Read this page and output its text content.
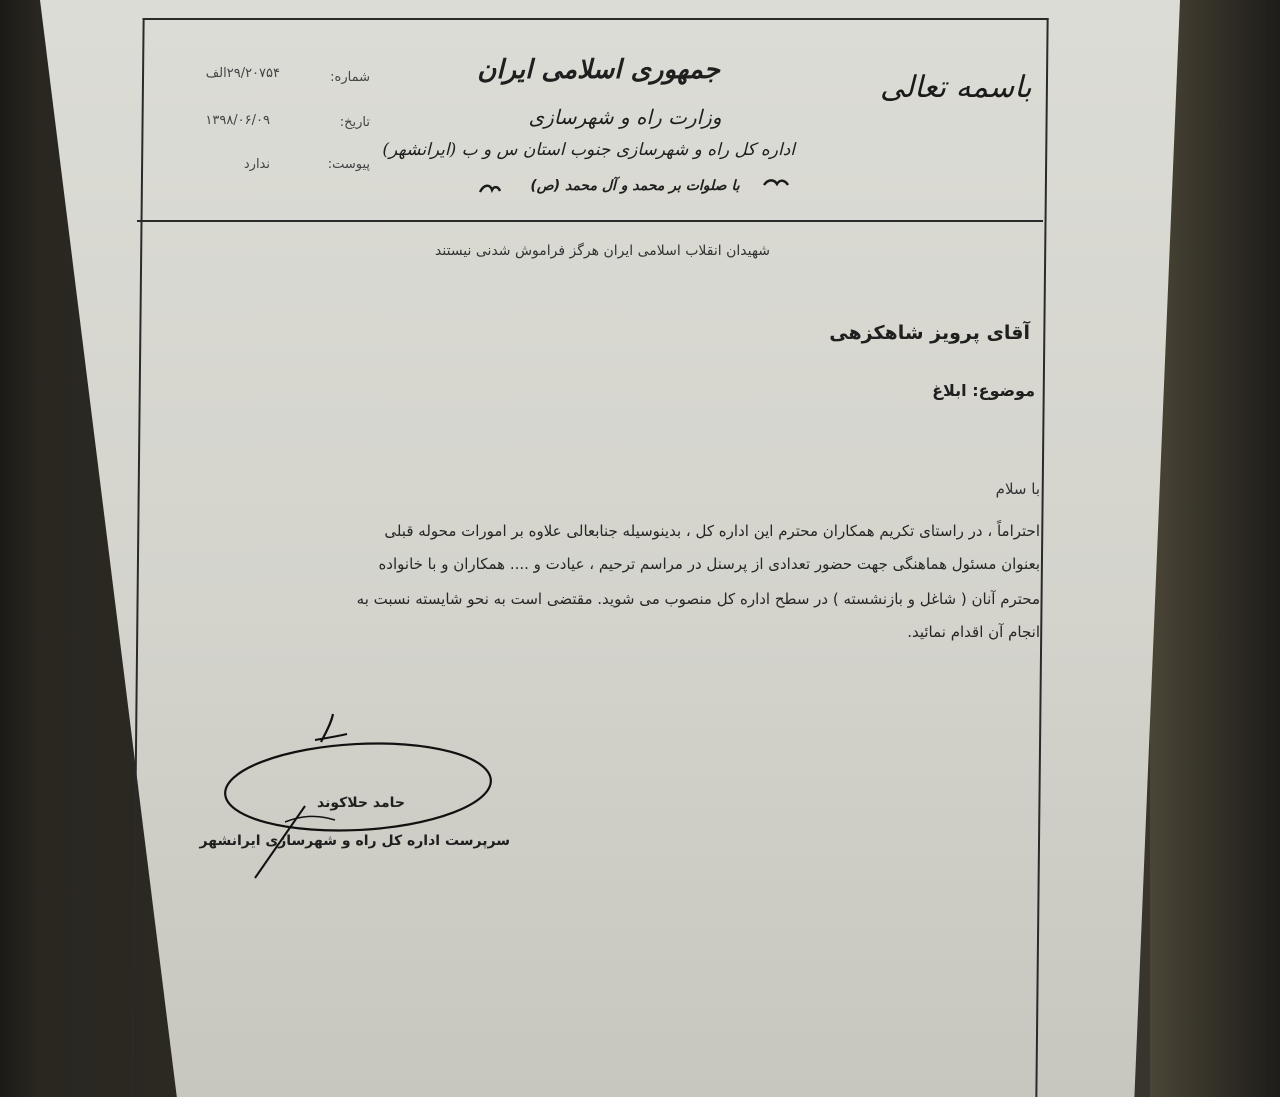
باسمه تعالی
جمهوری اسلامی ایران
وزارت راه و شهرسازی
اداره کل راه و شهرسازی جنوب استان س و ب (ایرانشهر)
با صلوات بر محمد و آل محمد (ص)
شماره:
تاریخ:
پیوست:
۲۹/۲۰۷۵۴الف
۱۳۹۸/۰۶/۰۹
ندارد
شهیدان انقلاب اسلامی ایران هرگز فراموش شدنی نیستند
آقای پرویز شاهکزهی
موضوع: ابلاغ
با سلام
احتراماً ، در راستای تکریم همکاران محترم این اداره کل ، بدینوسیله جنابعالی علاوه بر امورات محوله قبلی
بعنوان مسئول هماهنگی جهت حضور تعدادی از پرسنل در مراسم ترحیم ، عیادت و .... همکاران و با خانواده
محترم آنان ( شاغل و بازنشسته ) در سطح اداره کل منصوب می شوید. مقتضی است به نحو شایسته نسبت به
انجام آن اقدام نمائید.
حامد حلاکوند
سرپرست اداره کل راه و شهرسازی ایرانشهر
